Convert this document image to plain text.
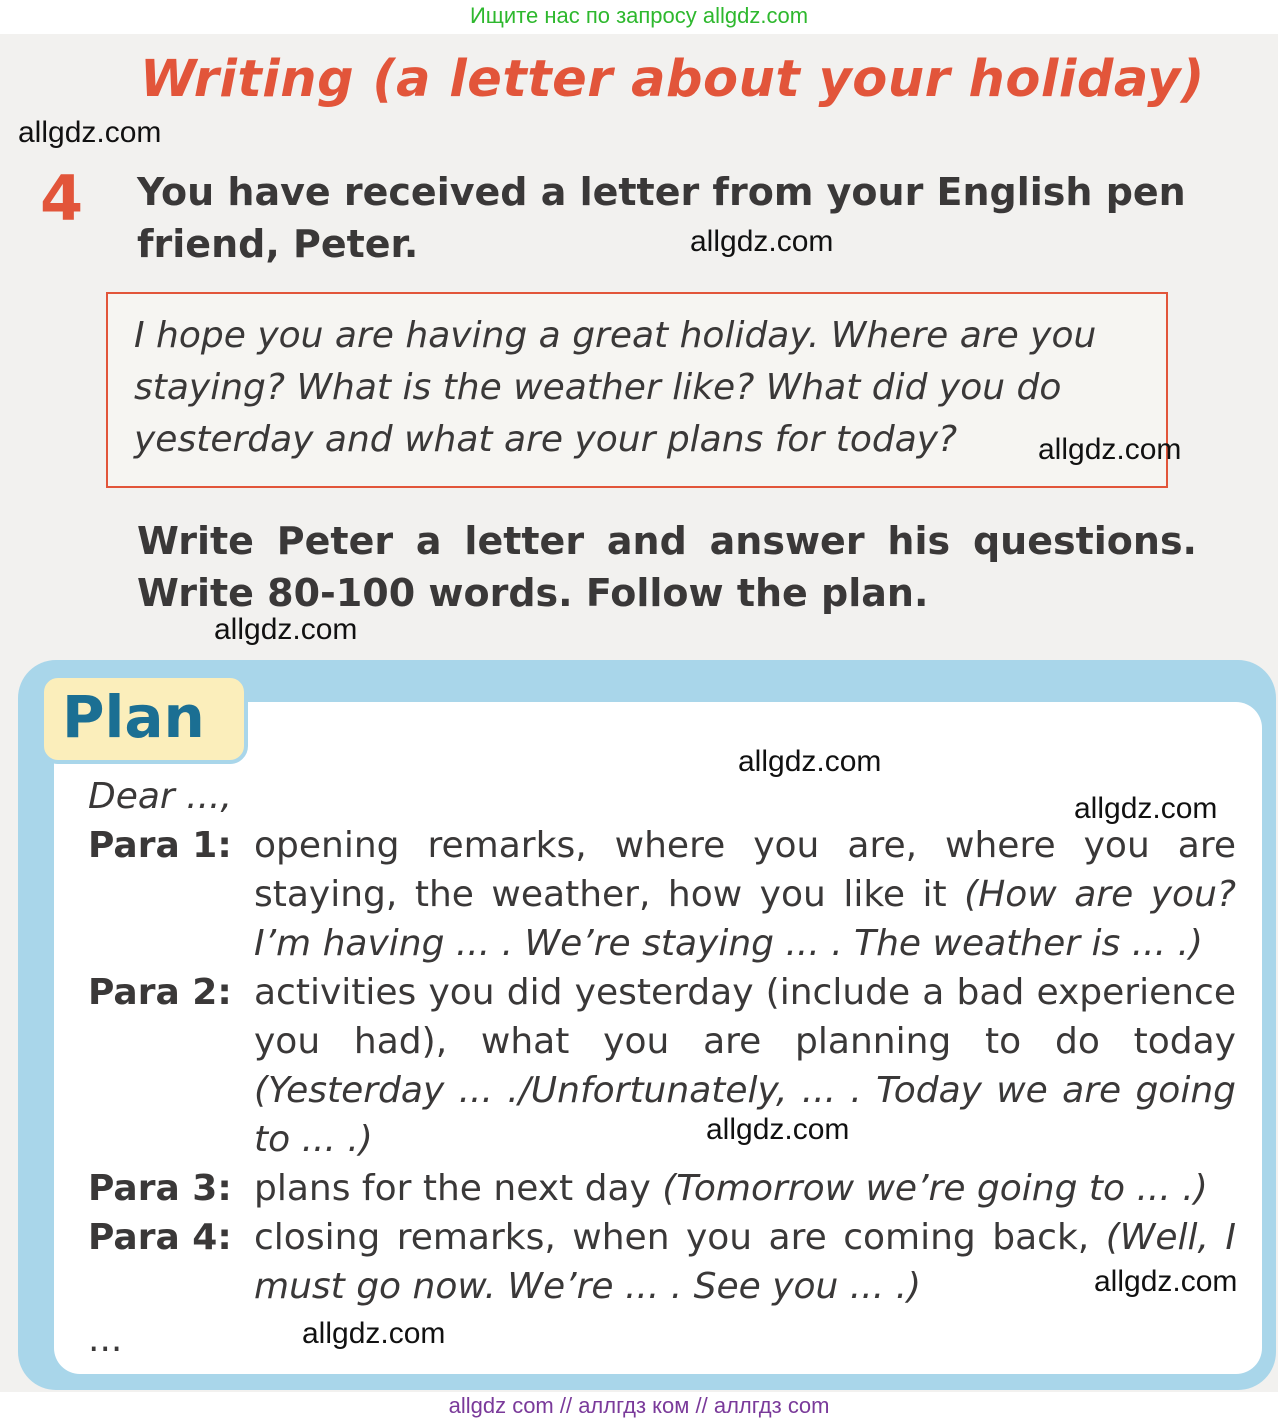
Ищите нас по запросу allgdz.com
Writing (a letter about your holiday)
4 You have received a letter from your English pen friend, Peter.

I hope you are having a great holiday. Where are you staying? What is the weather like? What did you do yesterday and what are your plans for today?

Write Peter a letter and answer his questions. Write 80-100 words. Follow the plan.

Plan

Dear ...,

Para 1: opening remarks, where you are, where you are staying, the weather, how you like it (How are you? I’m having ... . We’re staying ... . The weather is ... .)
Para 2: activities you did yesterday (include a bad experience you had), what you are planning to do today (Yesterday ... ./Unfortunately, ... . Today we are going to ... .)
Para 3: plans for the next day (Tomorrow we’re going to ... .)
Para 4: closing remarks, when you are coming back, (Well, I must go now. We’re ... . See you ... .)

...

allgdz.com
allgdz.com
allgdz.com
allgdz.com
allgdz.com
allgdz.com
allgdz.com
allgdz.com
allgdz.com
allgdz com // аллгдз ком // аллгдз com
